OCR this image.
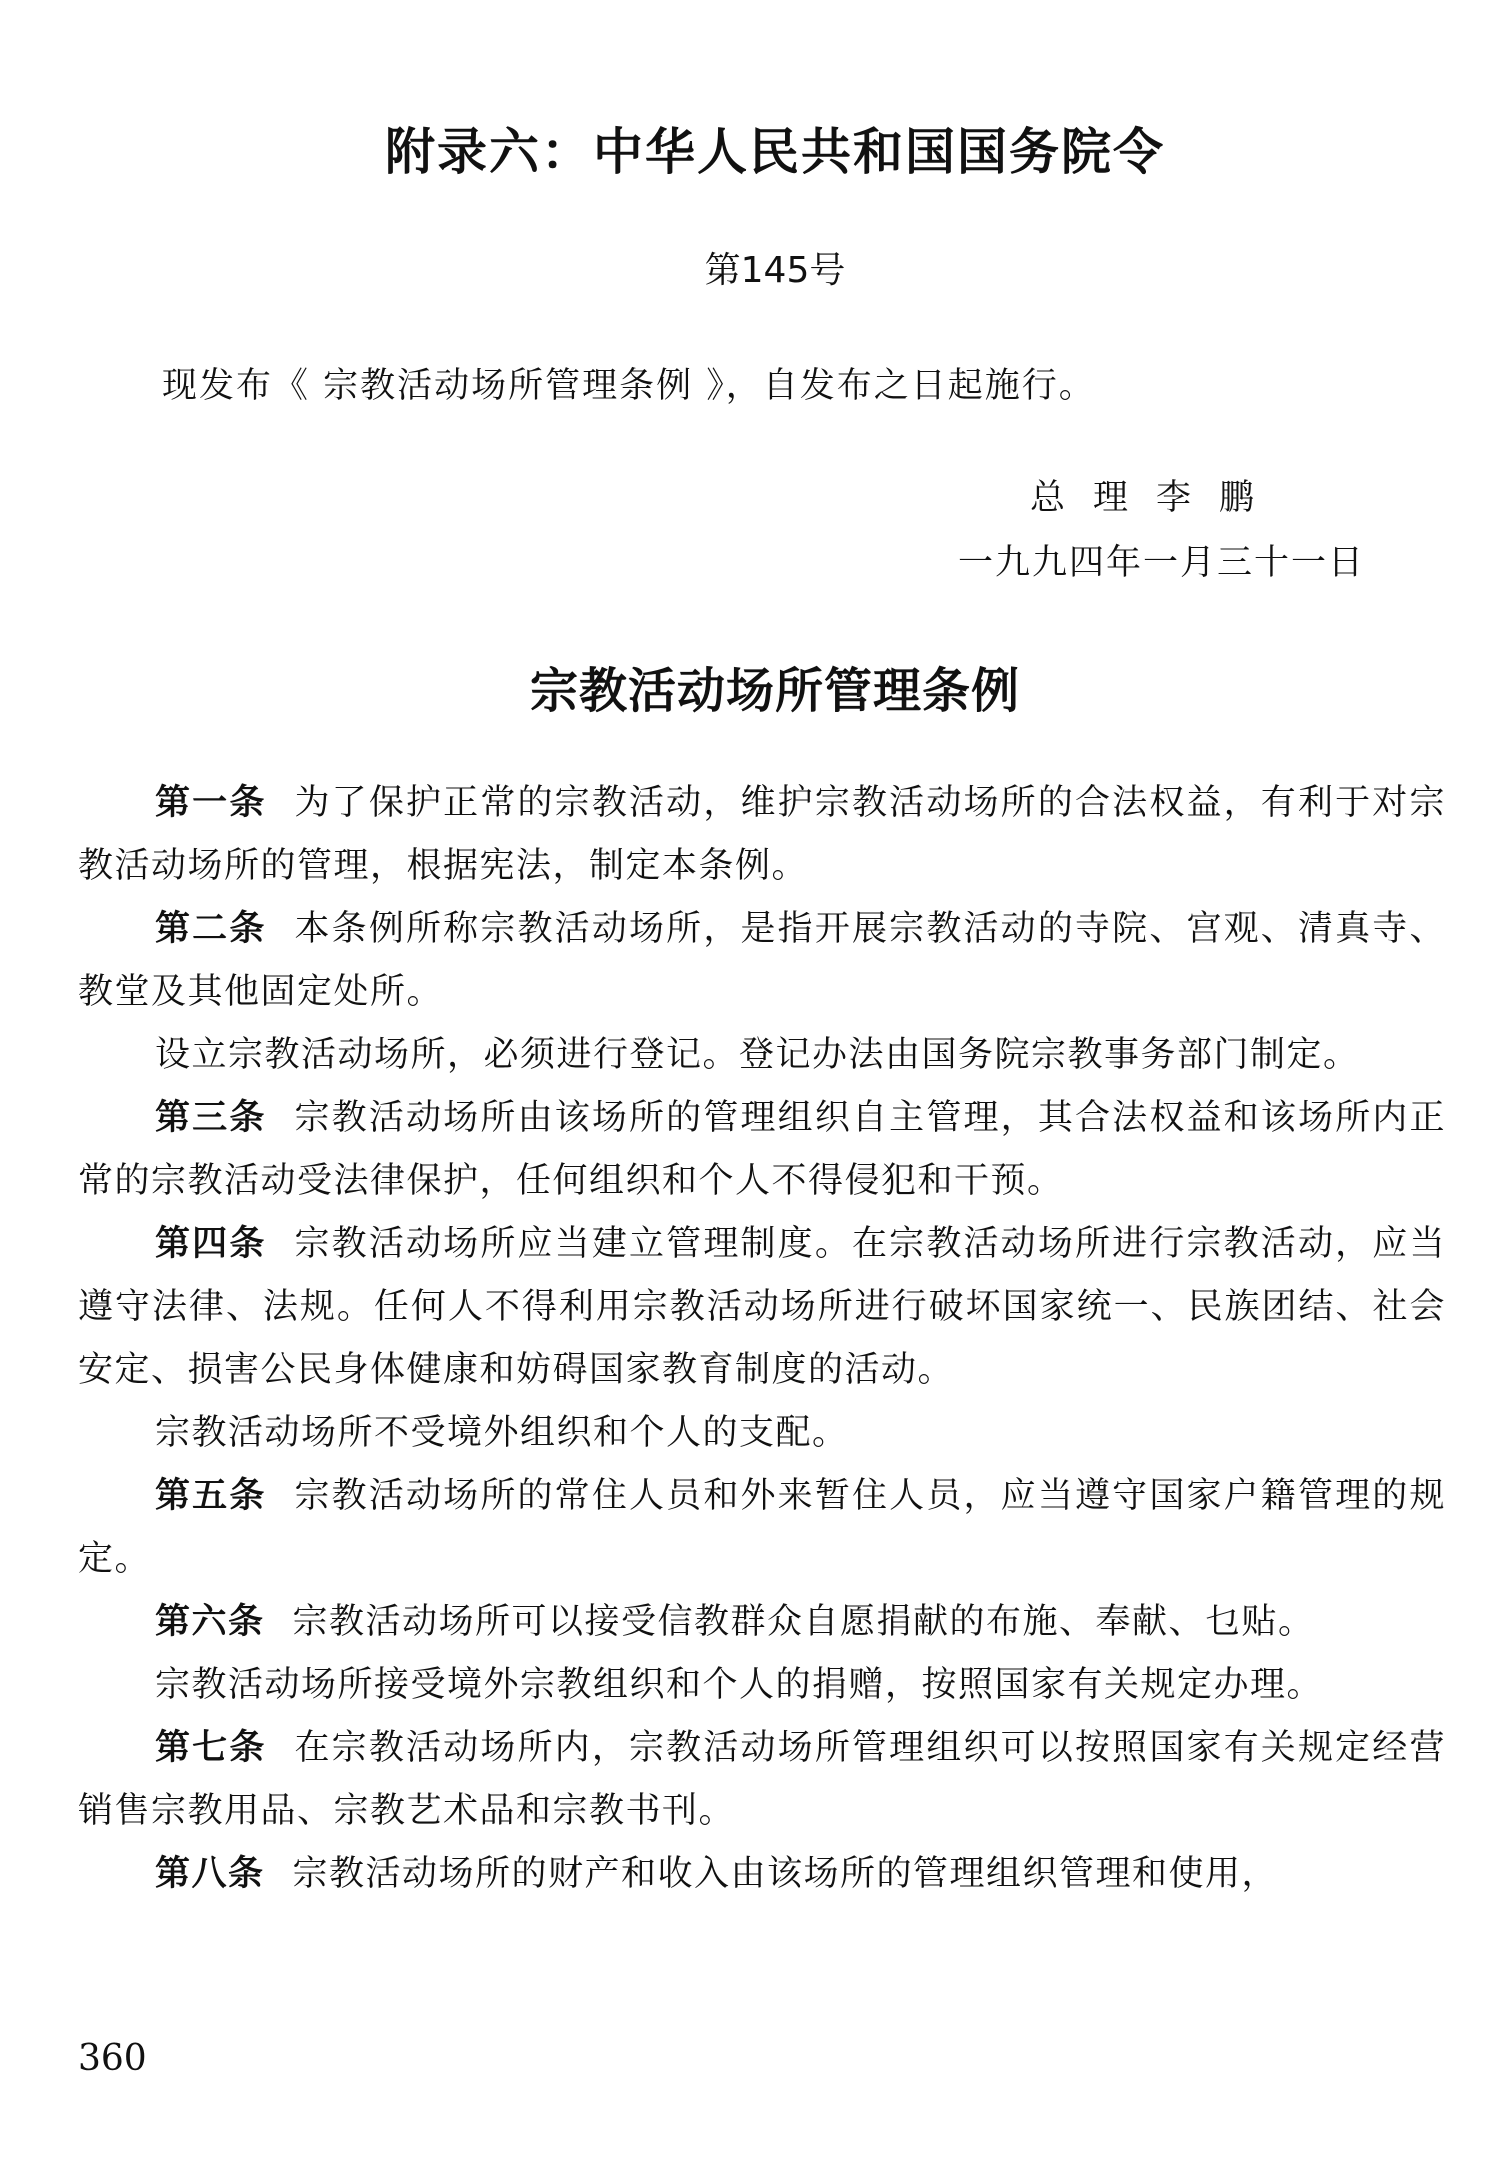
附录六：中华人民共和国国务院令
第145号
现发布《 宗教活动场所管理条例 》，自发布之日起施行。
总理李鹏
一九九四年一月三十一日
宗教活动场所管理条例

第一条 为了保护正常的宗教活动，维护宗教活动场所的合法权益，有利于对宗教活动场所的管理，根据宪法，制定本条例。

第二条 本条例所称宗教活动场所，是指开展宗教活动的寺院、宫观、清真寺、教堂及其他固定处所。

设立宗教活动场所，必须进行登记。登记办法由国务院宗教事务部门制定。

第三条 宗教活动场所由该场所的管理组织自主管理，其合法权益和该场所内正常的宗教活动受法律保护，任何组织和个人不得侵犯和干预。

第四条 宗教活动场所应当建立管理制度。在宗教活动场所进行宗教活动，应当遵守法律、法规。任何人不得利用宗教活动场所进行破坏国家统一、民族团结、社会安定、损害公民身体健康和妨碍国家教育制度的活动。

宗教活动场所不受境外组织和个人的支配。

第五条 宗教活动场所的常住人员和外来暂住人员，应当遵守国家户籍管理的规定。

第六条 宗教活动场所可以接受信教群众自愿捐献的布施、奉献、乜贴。

宗教活动场所接受境外宗教组织和个人的捐赠，按照国家有关规定办理。

第七条 在宗教活动场所内，宗教活动场所管理组织可以按照国家有关规定经营销售宗教用品、宗教艺术品和宗教书刊。

第八条 宗教活动场所的财产和收入由该场所的管理组织管理和使用，

360
